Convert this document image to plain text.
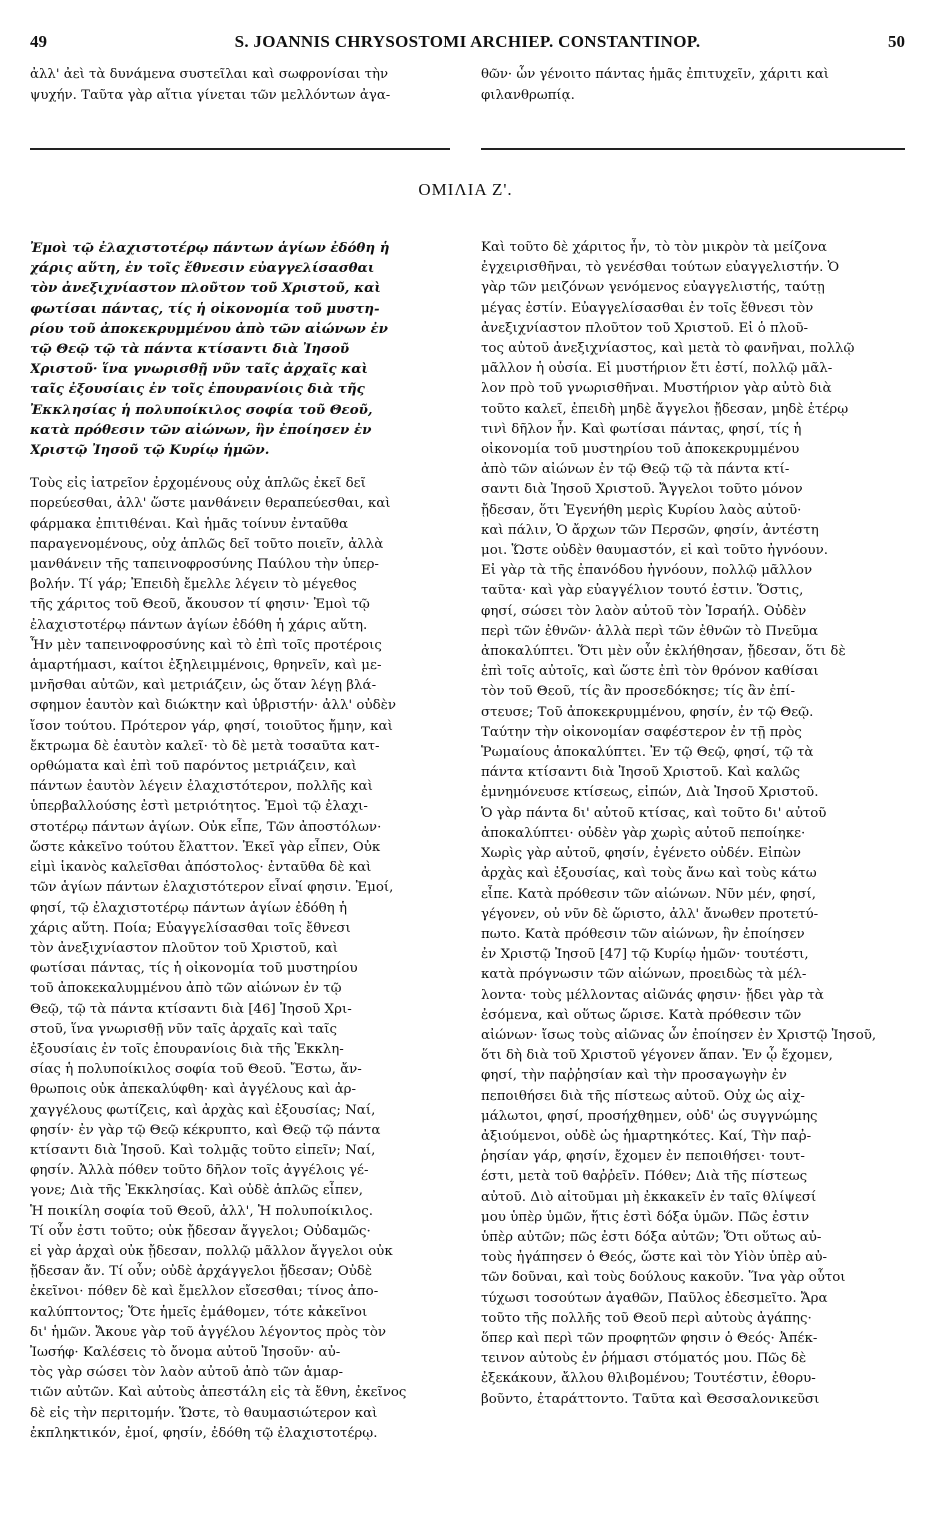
49	S. JOANNIS CHRYSOSTOMI ARCHIEP. CONSTANTINOP.	50
ἀλλ' ἀεὶ τὰ δυνάμενα συστεῖλαι καὶ σωφρονίσαι τὴν
ψυχήν. Ταῦτα γὰρ αἴτια γίνεται τῶν μελλόντων ἀγα-
θῶν· ὧν γένοιτο πάντας ἡμᾶς ἐπιτυχεῖν, χάριτι καὶ
φιλανθρωπίᾳ.
ΟΜΙΛΙΑ Ζ'.
Ἐμοὶ τῷ ἐλαχιστοτέρῳ πάντων ἁγίων ἐδόθη ἡ
χάρις αὕτη, ἐν τοῖς ἔθνεσιν εὐαγγελίσασθαι
τὸν ἀνεξιχνίαστον πλοῦτον τοῦ Χριστοῦ, καὶ
φωτίσαι πάντας, τίς ἡ οἰκονομία τοῦ μυστη-
ρίου τοῦ ἀποκεκρυμμένου ἀπὸ τῶν αἰώνων ἐν
τῷ Θεῷ τῷ τὰ πάντα κτίσαντι διὰ Ἰησοῦ
Χριστοῦ· ἵνα γνωρισθῇ νῦν ταῖς ἀρχαῖς καὶ
ταῖς ἐξουσίαις ἐν τοῖς ἐπουρανίοις διὰ τῆς
Ἐκκλησίας ἡ πολυποίκιλος σοφία τοῦ Θεοῦ,
κατὰ πρόθεσιν τῶν αἰώνων, ἣν ἐποίησεν ἐν
Χριστῷ Ἰησοῦ τῷ Κυρίῳ ἡμῶν.
Τοὺς εἰς ἰατρεῖον ἐρχομένους οὐχ ἁπλῶς ἐκεῖ δεῖ
πορεύεσθαι, ἀλλ' ὥστε μανθάνειν θεραπεύεσθαι, καὶ
φάρμακα ἐπιτιθέναι. Καὶ ἡμᾶς τοίνυν ἐνταῦθα
παραγενομένους, οὐχ ἁπλῶς δεῖ τοῦτο ποιεῖν, ἀλλὰ
μανθάνειν τῆς ταπεινοφροσύνης Παύλου τὴν ὑπερ-
βολήν. Τί γάρ; Ἐπειδὴ ἔμελλε λέγειν τὸ μέγεθος
τῆς χάριτος τοῦ Θεοῦ, ἄκουσον τί φησιν· Ἐμοὶ τῷ
ἐλαχιστοτέρῳ πάντων ἁγίων ἐδόθη ἡ χάρις αὕτη.
Ἦν μὲν ταπεινοφροσύνης καὶ τὸ ἐπὶ τοῖς προτέροις
ἁμαρτήμασι, καίτοι ἐξηλειμμένοις, θρηνεῖν, καὶ με-
μνῆσθαι αὐτῶν, καὶ μετριάζειν, ὡς ὅταν λέγῃ βλά-
σφημον ἑαυτὸν καὶ διώκτην καὶ ὑβριστήν· ἀλλ' οὐδὲν
ἴσον τούτου. Πρότερον γάρ, φησί, τοιοῦτος ἤμην, καὶ
ἔκτρωμα δὲ ἑαυτὸν καλεῖ· τὸ δὲ μετὰ τοσαῦτα κατ-
ορθώματα καὶ ἐπὶ τοῦ παρόντος μετριάζειν, καὶ
πάντων ἑαυτὸν λέγειν ἐλαχιστότερον, πολλῆς καὶ
ὑπερβαλλούσης ἐστὶ μετριότητος. Ἐμοὶ τῷ ἐλαχι-
στοτέρῳ πάντων ἁγίων. Οὐκ εἶπε, Τῶν ἀποστόλων·
ὥστε κἀκεῖνο τούτου ἔλαττον. Ἐκεῖ γὰρ εἶπεν, Οὐκ
εἰμὶ ἱκανὸς καλεῖσθαι ἀπόστολος· ἐνταῦθα δὲ καὶ
τῶν ἁγίων πάντων ἐλαχιστότερον εἶναί φησιν. Ἐμοί,
φησί, τῷ ἐλαχιστοτέρῳ πάντων ἁγίων ἐδόθη ἡ
χάρις αὕτη. Ποία; Εὐαγγελίσασθαι τοῖς ἔθνεσι
τὸν ἀνεξιχνίαστον πλοῦτον τοῦ Χριστοῦ, καὶ
φωτίσαι πάντας, τίς ἡ οἰκονομία τοῦ μυστηρίου
τοῦ ἀποκεκαλυμμένου ἀπὸ τῶν αἰώνων ἐν τῷ
Θεῷ, τῷ τὰ πάντα κτίσαντι διὰ [46] Ἰησοῦ Χρι-
στοῦ, ἵνα γνωρισθῇ νῦν ταῖς ἀρχαῖς καὶ ταῖς
ἐξουσίαις ἐν τοῖς ἐπουρανίοις διὰ τῆς Ἐκκλη-
σίας ἡ πολυποίκιλος σοφία τοῦ Θεοῦ. Ἔστω, ἄν-
θρωποις οὐκ ἀπεκαλύφθη· καὶ ἀγγέλους καὶ ἀρ-
χαγγέλους φωτίζεις, καὶ ἀρχὰς καὶ ἐξουσίας; Ναί,
φησίν· ἐν γὰρ τῷ Θεῷ κέκρυπτο, καὶ Θεῷ τῷ πάντα
κτίσαντι διὰ Ἰησοῦ. Καὶ τολμᾷς τοῦτο εἰπεῖν; Ναί,
φησίν. Ἀλλὰ πόθεν τοῦτο δῆλον τοῖς ἀγγέλοις γέ-
γονε; Διὰ τῆς Ἐκκλησίας. Καὶ οὐδὲ ἁπλῶς εἶπεν,
Ἡ ποικίλη σοφία τοῦ Θεοῦ, ἀλλ', Ἡ πολυποίκιλος.
Τί οὖν ἐστι τοῦτο; οὐκ ᾔδεσαν ἄγγελοι; Οὐδαμῶς·
εἰ γὰρ ἀρχαὶ οὐκ ᾔδεσαν, πολλῷ μᾶλλον ἄγγελοι οὐκ
ᾔδεσαν ἄν. Τί οὖν; οὐδὲ ἀρχάγγελοι ᾔδεσαν; Οὐδὲ
ἐκεῖνοι· πόθεν δὲ καὶ ἔμελλον εἴσεσθαι; τίνος ἀπο-
καλύπτοντος; Ὅτε ἡμεῖς ἐμάθομεν, τότε κἀκεῖνοι
δι' ἡμῶν. Ἄκουε γὰρ τοῦ ἀγγέλου λέγοντος πρὸς τὸν
Ἰωσήφ· Καλέσεις τὸ ὄνομα αὐτοῦ Ἰησοῦν· αὐ-
τὸς γὰρ σώσει τὸν λαὸν αὐτοῦ ἀπὸ τῶν ἁμαρ-
τιῶν αὐτῶν. Καὶ αὐτοὺς ἀπεστάλη εἰς τὰ ἔθνη, ἐκεῖνος
δὲ εἰς τὴν περιτομήν. Ὥστε, τὸ θαυμασιώτερον καὶ
ἐκπληκτικόν, ἐμοί, φησίν, ἐδόθη τῷ ἐλαχιστοτέρῳ.
Καὶ τοῦτο δὲ χάριτος ἦν, τὸ τὸν μικρὸν τὰ μείζονα
ἐγχειρισθῆναι, τὸ γενέσθαι τούτων εὐαγγελιστήν. Ὁ
γὰρ τῶν μειζόνων γενόμενος εὐαγγελιστής, ταύτῃ
μέγας ἐστίν. Εὐαγγελίσασθαι ἐν τοῖς ἔθνεσι τὸν
ἀνεξιχνίαστον πλοῦτον τοῦ Χριστοῦ. Εἰ ὁ πλοῦ-
τος αὐτοῦ ἀνεξιχνίαστος, καὶ μετὰ τὸ φανῆναι, πολλῷ
μᾶλλον ἡ οὐσία. Εἰ μυστήριον ἔτι ἐστί, πολλῷ μᾶλ-
λον πρὸ τοῦ γνωρισθῆναι. Μυστήριον γὰρ αὐτὸ διὰ
τοῦτο καλεῖ, ἐπειδὴ μηδὲ ἄγγελοι ᾔδεσαν, μηδὲ ἑτέρῳ
τινὶ δῆλον ἦν. Καὶ φωτίσαι πάντας, φησί, τίς ἡ
οἰκονομία τοῦ μυστηρίου τοῦ ἀποκεκρυμμένου
ἀπὸ τῶν αἰώνων ἐν τῷ Θεῷ τῷ τὰ πάντα κτί-
σαντι διὰ Ἰησοῦ Χριστοῦ. Ἄγγελοι τοῦτο μόνον
ᾔδεσαν, ὅτι Ἐγενήθη μερὶς Κυρίου λαὸς αὐτοῦ·
καὶ πάλιν, Ὁ ἄρχων τῶν Περσῶν, φησίν, ἀντέστη
μοι. Ὥστε οὐδὲν θαυμαστόν, εἰ καὶ τοῦτο ἠγνόουν.
Εἰ γὰρ τὰ τῆς ἐπανόδου ἠγνόουν, πολλῷ μᾶλλον
ταῦτα· καὶ γὰρ εὐαγγέλιον τουτό ἐστιν. Ὅστις,
φησί, σώσει τὸν λαὸν αὐτοῦ τὸν Ἰσραήλ. Οὐδὲν
περὶ τῶν ἐθνῶν· ἀλλὰ περὶ τῶν ἐθνῶν τὸ Πνεῦμα
ἀποκαλύπτει. Ὅτι μὲν οὖν ἐκλήθησαν, ᾔδεσαν, ὅτι δὲ
ἐπὶ τοῖς αὐτοῖς, καὶ ὥστε ἐπὶ τὸν θρόνον καθίσαι
τὸν τοῦ Θεοῦ, τίς ἂν προσεδόκησε; τίς ἂν ἐπί-
στευσε; Τοῦ ἀποκεκρυμμένου, φησίν, ἐν τῷ Θεῷ.
Ταύτην τὴν οἰκονομίαν σαφέστερον ἐν τῇ πρὸς
Ῥωμαίους ἀποκαλύπτει. Ἐν τῷ Θεῷ, φησί, τῷ τὰ
πάντα κτίσαντι διὰ Ἰησοῦ Χριστοῦ. Καὶ καλῶς
ἐμνημόνευσε κτίσεως, εἰπών, Διὰ Ἰησοῦ Χριστοῦ.
Ὁ γὰρ πάντα δι' αὐτοῦ κτίσας, καὶ τοῦτο δι' αὐτοῦ
ἀποκαλύπτει· οὐδὲν γὰρ χωρὶς αὐτοῦ πεποίηκε·
Χωρὶς γὰρ αὐτοῦ, φησίν, ἐγένετο οὐδέν. Εἰπὼν
ἀρχὰς καὶ ἐξουσίας, καὶ τοὺς ἄνω καὶ τοὺς κάτω
εἶπε. Κατὰ πρόθεσιν τῶν αἰώνων. Νῦν μέν, φησί,
γέγονεν, οὐ νῦν δὲ ὥριστο, ἀλλ' ἄνωθεν προτετύ-
πωτο. Κατὰ πρόθεσιν τῶν αἰώνων, ἣν ἐποίησεν
ἐν Χριστῷ Ἰησοῦ [47] τῷ Κυρίῳ ἡμῶν· τουτέστι,
κατὰ πρόγνωσιν τῶν αἰώνων, προειδὼς τὰ μέλ-
λοντα· τοὺς μέλλοντας αἰῶνάς φησιν· ᾔδει γὰρ τὰ
ἐσόμενα, καὶ οὕτως ὥρισε. Κατὰ πρόθεσιν τῶν
αἰώνων· ἴσως τοὺς αἰῶνας ὧν ἐποίησεν ἐν Χριστῷ Ἰησοῦ,
ὅτι δὴ διὰ τοῦ Χριστοῦ γέγονεν ἅπαν. Ἐν ᾧ ἔχομεν,
φησί, τὴν παῤῥησίαν καὶ τὴν προσαγωγὴν ἐν
πεποιθήσει διὰ τῆς πίστεως αὐτοῦ. Οὐχ ὡς αἰχ-
μάλωτοι, φησί, προσήχθημεν, οὐδ' ὡς συγγνώμης
ἀξιούμενοι, οὐδὲ ὡς ἡμαρτηκότες. Καί, Τὴν παῤ-
ῥησίαν γάρ, φησίν, ἔχομεν ἐν πεποιθήσει· τουτ-
έστι, μετὰ τοῦ θαῤῥεῖν. Πόθεν; Διὰ τῆς πίστεως
αὐτοῦ. Διὸ αἰτοῦμαι μὴ ἐκκακεῖν ἐν ταῖς θλίψεσί
μου ὑπὲρ ὑμῶν, ἥτις ἐστὶ δόξα ὑμῶν. Πῶς ἐστιν
ὑπὲρ αὐτῶν; πῶς ἐστι δόξα αὐτῶν; Ὅτι οὕτως αὐ-
τοὺς ἠγάπησεν ὁ Θεός, ὥστε καὶ τὸν Υἱὸν ὑπὲρ αὐ-
τῶν δοῦναι, καὶ τοὺς δούλους κακοῦν. Ἵνα γὰρ οὗτοι
τύχωσι τοσούτων ἀγαθῶν, Παῦλος ἐδεσμεῖτο. Ἄρα
τοῦτο τῆς πολλῆς τοῦ Θεοῦ περὶ αὐτοὺς ἀγάπης·
ὅπερ καὶ περὶ τῶν προφητῶν φησιν ὁ Θεός· Ἀπέκ-
τεινον αὐτοὺς ἐν ῥήμασι στόματός μου. Πῶς δὲ
ἐξεκάκουν, ἄλλου θλιβομένου; Τουτέστιν, ἐθορυ-
βοῦντο, ἐταράττοντο. Ταῦτα καὶ Θεσσαλονικεῦσι
